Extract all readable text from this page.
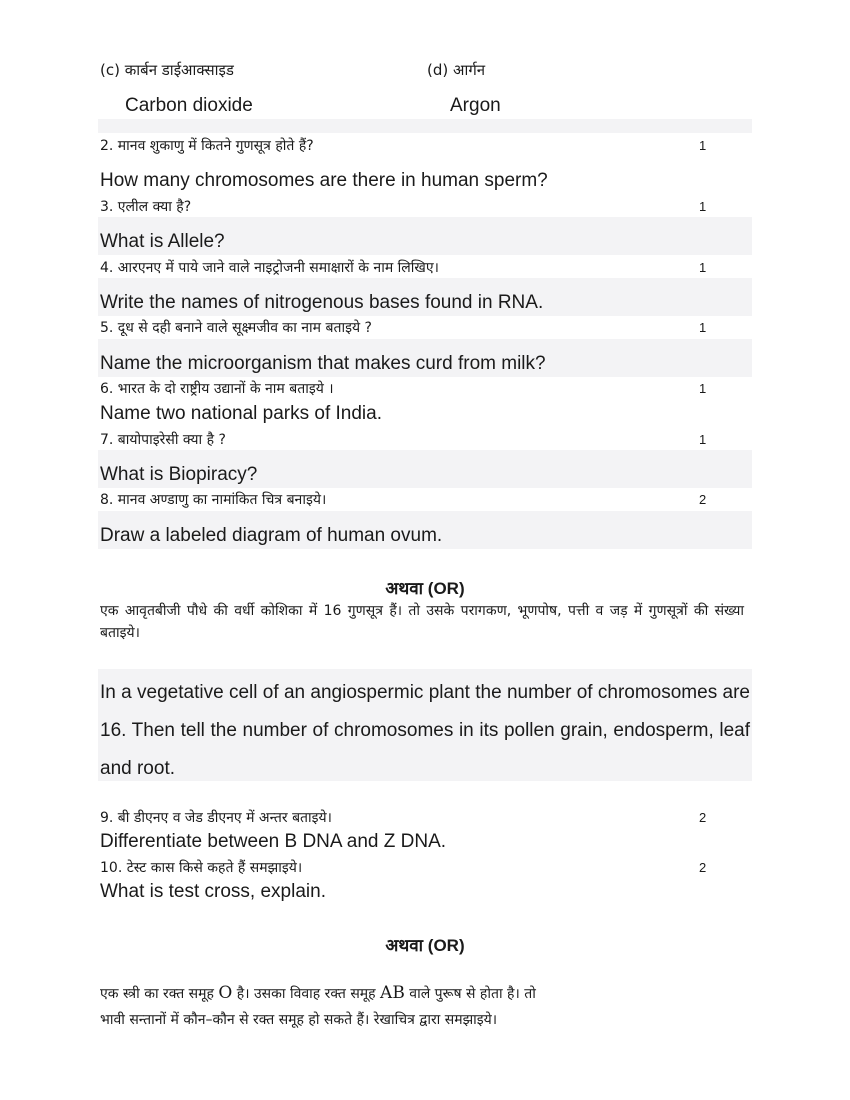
(c) कार्बन डाईआक्साइड	(d) आर्गन
Carbon dioxide	Argon
2. मानव शुकाणु में कितने गुणसूत्र होते हैं?	1
How many chromosomes are there in human sperm?
3. एलील क्या है?	1
What is Allele?
4. आरएनए में पाये जाने वाले नाइट्रोजनी समाक्षारों के नाम लिखिए।	1
Write the names of nitrogenous bases found in RNA.
5. दूध से दही बनाने वाले सूक्ष्मजीव का नाम बताइये ?	1
Name the microorganism that makes curd from milk?
6. भारत के दो राष्ट्रीय उद्यानों के नाम बताइये ।	1
Name two national parks of India.
7. बायोपाइरेसी क्या है ?	1
What is Biopiracy?
8. मानव अण्डाणु का नामांकित चित्र बनाइये।	2
Draw a labeled diagram of human ovum.
अथवा (OR)
एक आवृतबीजी पौधे की वर्धी कोशिका में 16 गुणसूत्र हैं। तो उसके परागकण, भूणपोष, पत्ती व जड़ में गुणसूत्रों की संख्या बताइये।
In a vegetative cell of an angiospermic plant the number of chromosomes are 16. Then tell the number of chromosomes in its pollen grain, endosperm, leaf and root.
9. बी डीएनए व जेड डीएनए में अन्तर बताइये।	2
Differentiate between B DNA and Z DNA.
10. टेस्ट कास किसे कहते हैं समझाइये।	2
What is test cross, explain.
अथवा (OR)
एक स्त्री का रक्त समूह O है। उसका विवाह रक्त समूह AB वाले पुरूष से होता है। तो
भावी सन्तानों में कौन–कौन से रक्त समूह हो सकते हैं। रेखाचित्र द्वारा समझाइये।
